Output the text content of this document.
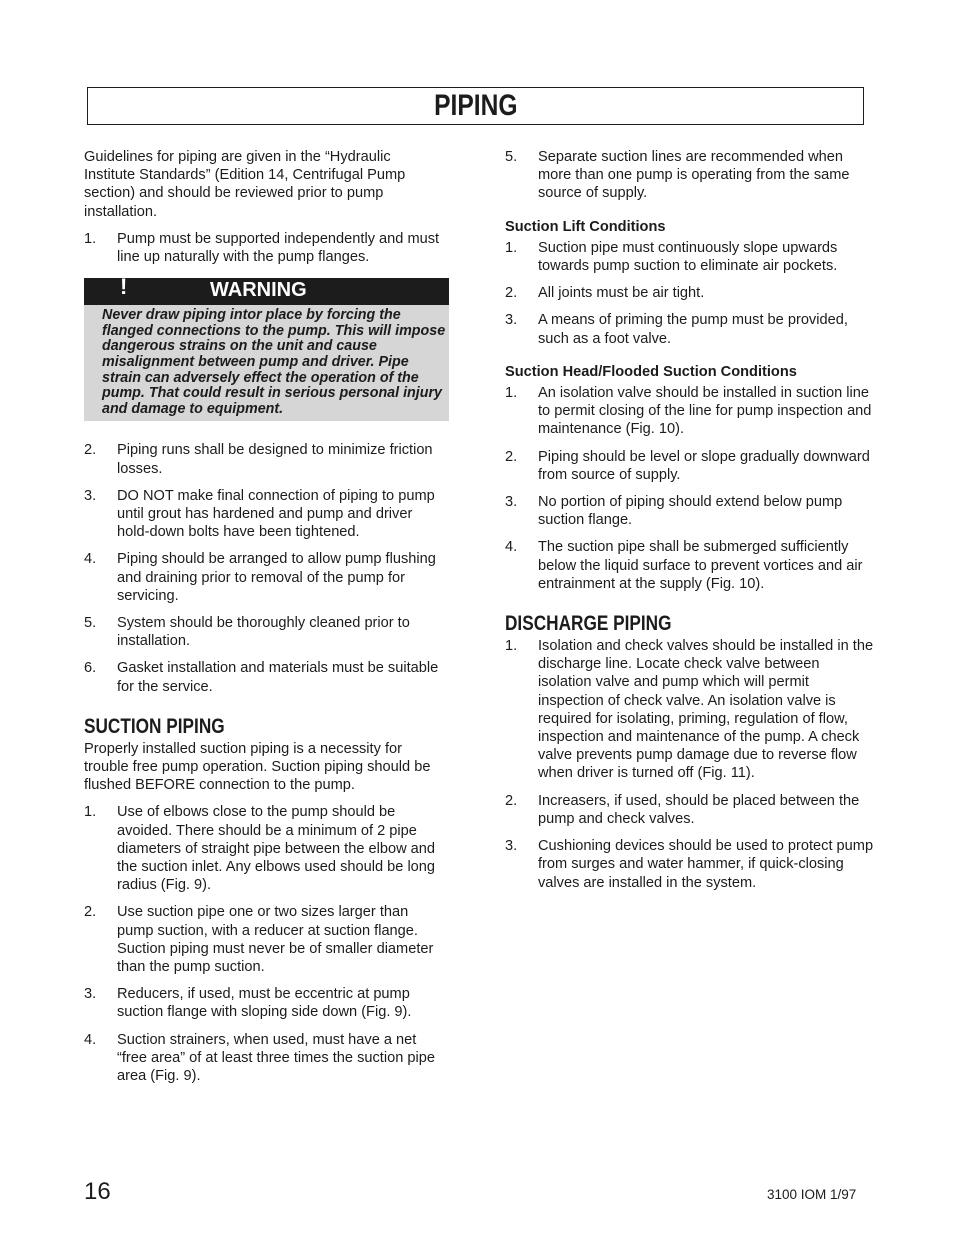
PIPING

Guidelines for piping are given in the “Hydraulic Institute Standards” (Edition 14, Centrifugal Pump section) and should be reviewed prior to pump installation.

1.	Pump must be supported independently and must line up naturally with the pump flanges.
!	WARNING
Never draw piping intor place by forcing the flanged connections to the pump. This will impose dangerous strains on the unit and cause misalignment between pump and driver. Pipe strain can adversely effect the operation of the pump. That could result in serious personal injury and damage to equipment.
2.	Piping runs shall be designed to minimize friction losses.
3.	DO NOT make final connection of piping to pump until grout has hardened and pump and driver hold-down bolts have been tightened.
4.	Piping should be arranged to allow pump flushing and draining prior to removal of the pump for servicing.
5.	System should be thoroughly cleaned prior to installation.
6.	Gasket installation and materials must be suitable for the service.
SUCTION PIPING

Properly installed suction piping is a necessity for trouble free pump operation. Suction piping should be flushed BEFORE connection to the pump.

1.	Use of elbows close to the pump should be avoided. There should be a minimum of 2 pipe diameters of straight pipe between the elbow and the suction inlet. Any elbows used should be long radius (Fig. 9).
2.	Use suction pipe one or two sizes larger than pump suction, with a reducer at suction flange. Suction piping must never be of smaller diameter than the pump suction.
3.	Reducers, if used, must be eccentric at pump suction flange with sloping side down (Fig. 9).
4.	Suction strainers, when used, must have a net “free area” of at least three times the suction pipe area (Fig. 9).
5.	Separate suction lines are recommended when more than one pump is operating from the same source of supply.
Suction Lift Conditions
1.	Suction pipe must continuously slope upwards towards pump suction to eliminate air pockets.
2.	All joints must be air tight.
3.	A means of priming the pump must be provided, such as a foot valve.
Suction Head/Flooded Suction Conditions
1.	An isolation valve should be installed in suction line to permit closing of the line for pump inspection and maintenance (Fig. 10).
2.	Piping should be level or slope gradually downward from source of supply.
3.	No portion of piping should extend below pump suction flange.
4.	The suction pipe shall be submerged sufficiently below the liquid surface to prevent vortices and air entrainment at the supply (Fig. 10).
DISCHARGE PIPING
1.	Isolation and check valves should be installed in the discharge line. Locate check valve between isolation valve and pump which will permit inspection of check valve. An isolation valve is required for isolating, priming, regulation of flow, inspection and maintenance of the pump. A check valve prevents pump damage due to reverse flow when driver is turned off (Fig. 11).
2.	Increasers, if used, should be placed between the pump and check valves.
3.	Cushioning devices should be used to protect pump from surges and water hammer, if quick-closing valves are installed in the system.
16	3100 IOM 1/97
